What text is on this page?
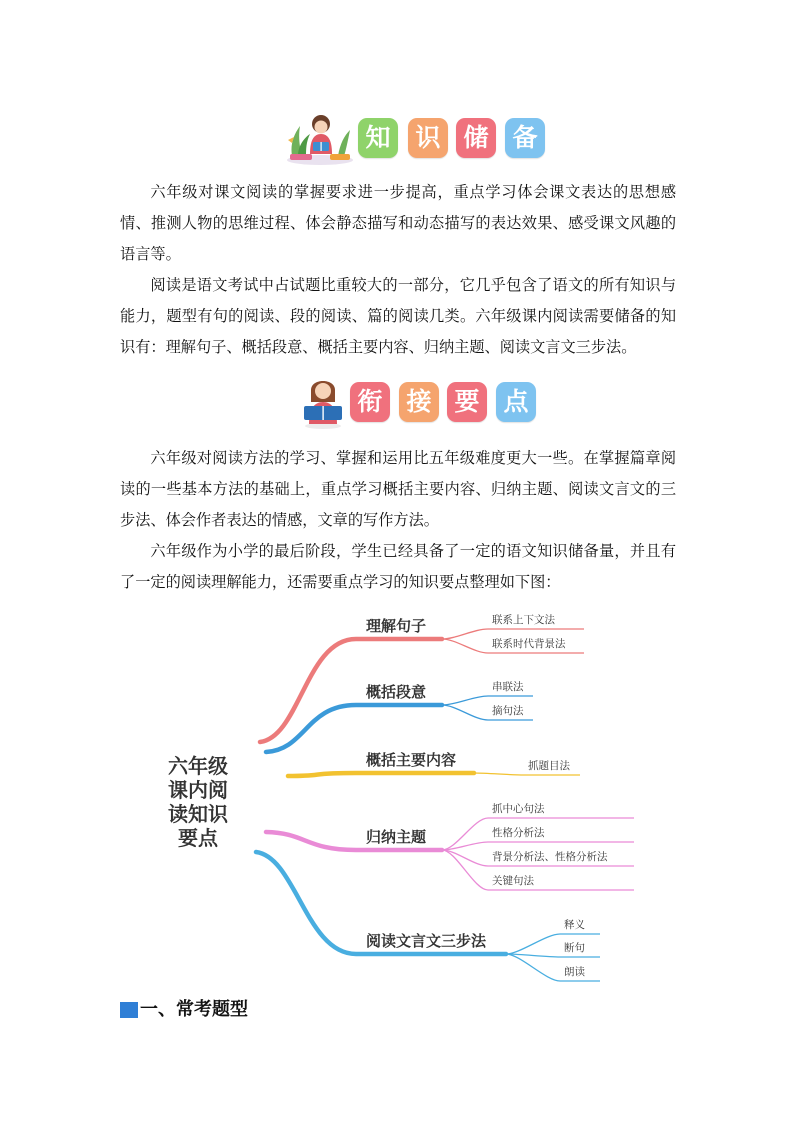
知 识 储 备

六年级对课文阅读的掌握要求进一步提高，重点学习体会课文表达的思想感情、推测人物的思维过程、体会静态描写和动态描写的表达效果、感受课文风趣的语言等。

阅读是语文考试中占试题比重较大的一部分，它几乎包含了语文的所有知识与能力，题型有句的阅读、段的阅读、篇的阅读几类。六年级课内阅读需要储备的知识有：理解句子、概括段意、概括主要内容、归纳主题、阅读文言文三步法。

衔 接 要 点

六年级对阅读方法的学习、掌握和运用比五年级难度更大一些。在掌握篇章阅读的一些基本方法的基础上，重点学习概括主要内容、归纳主题、阅读文言文的三步法、体会作者表达的情感，文章的写作方法。

六年级作为小学的最后阶段，学生已经具备了一定的语文知识储备量，并且有了一定的阅读理解能力，还需要重点学习的知识要点整理如下图：

六年级
课内阅
读知识
要点
理解句子	联系上下文法
联系时代背景法
概括段意	串联法
摘句法
概括主要内容	抓题目法
归纳主题
抓中心句法
性格分析法
背景分析法、性格分析法
关键句法
阅读文言文三步法
释义
断句
朗读
一、常考题型
